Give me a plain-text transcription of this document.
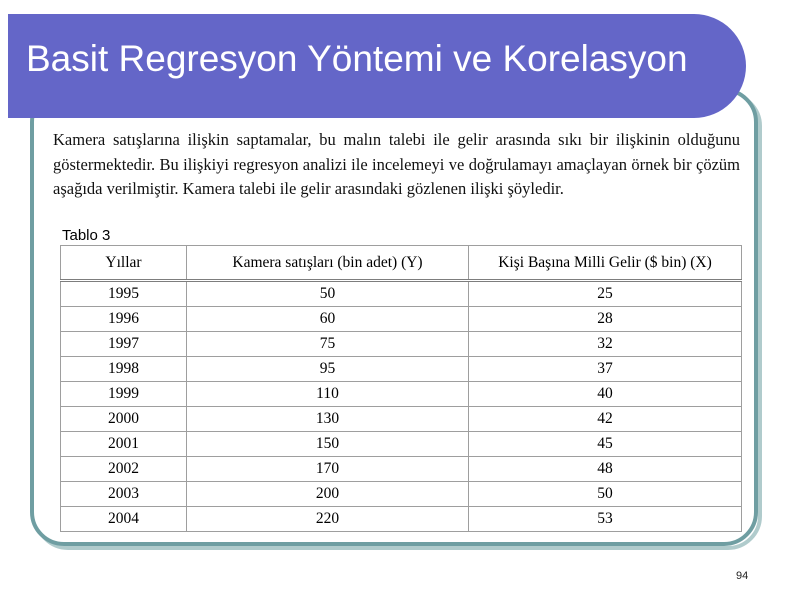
Basit Regresyon Yöntemi ve Korelasyon

Kamera satışlarına ilişkin saptamalar, bu malın talebi ile gelir arasında sıkı bir ilişkinin olduğunu göstermektedir. Bu ilişkiyi regresyon analizi ile incelemeyi ve doğrulamayı amaçlayan örnek bir çözüm aşağıda verilmiştir. Kamera talebi ile gelir arasındaki gözlenen ilişki şöyledir.

Tablo 3
Yıllar	Kamera satışları (bin adet) (Y)	Kişi Başına Milli Gelir ($ bin) (X)
1995	50	25
1996	60	28
1997	75	32
1998	95	37
1999	110	40
2000	130	42
2001	150	45
2002	170	48
2003	200	50
2004	220	53
94
